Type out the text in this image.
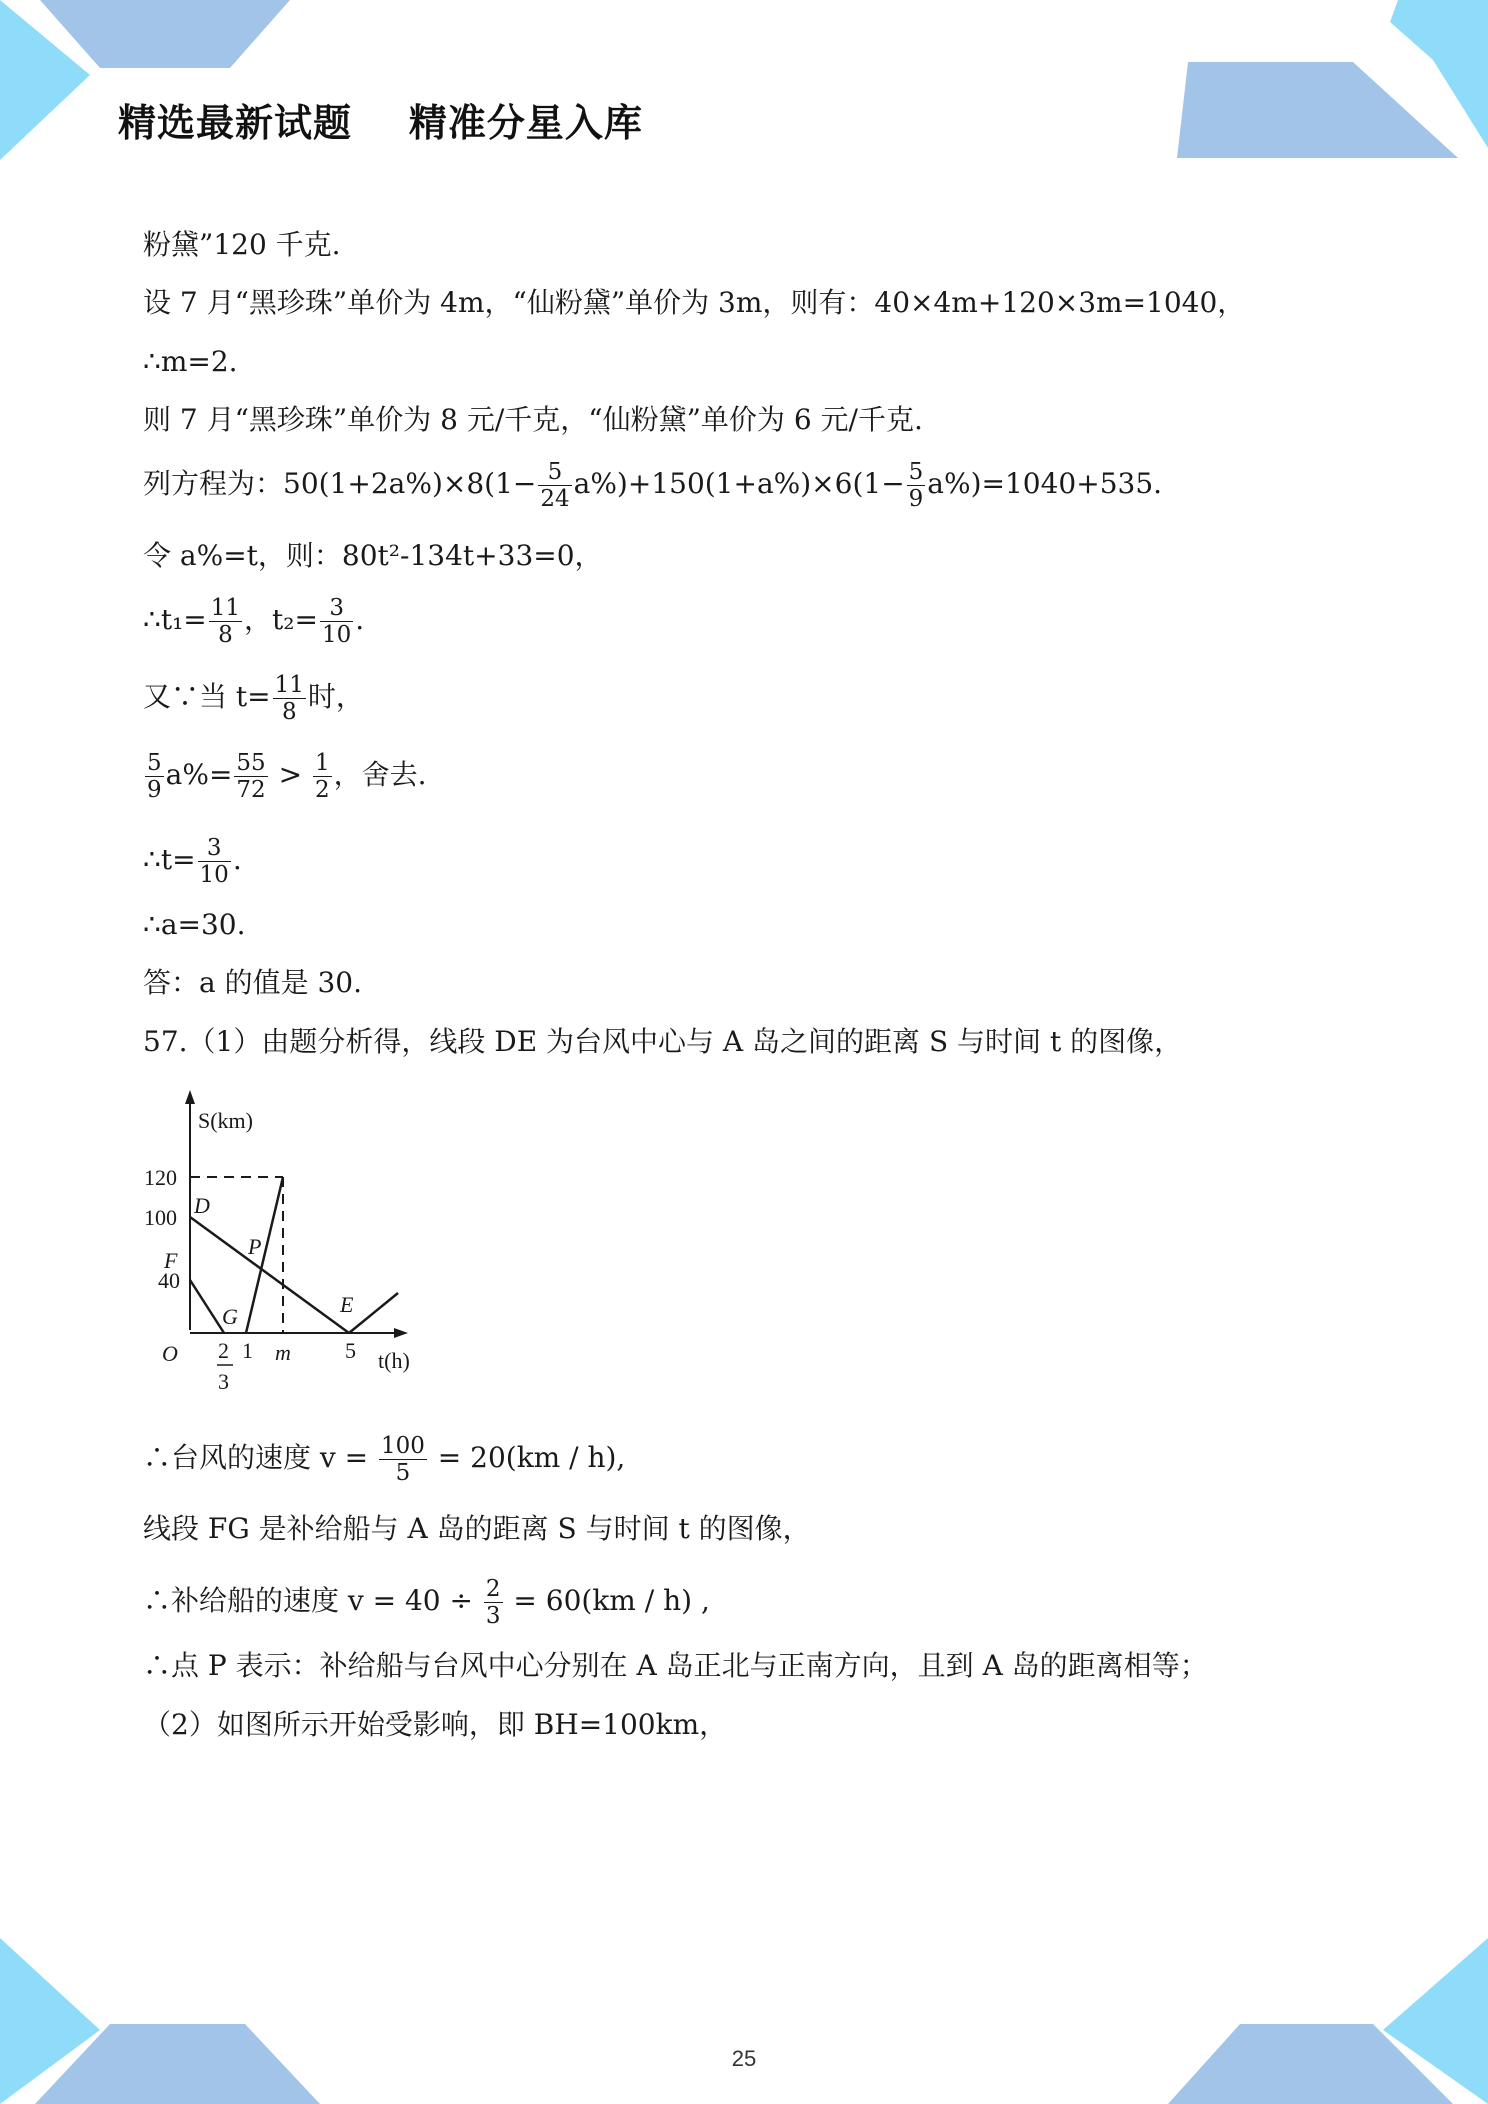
精选最新试题    精准分星入库
粉黛”120 千克.
设 7 月“黑珍珠”单价为 4m，“仙粉黛”单价为 3m，则有：40×4m+120×3m=1040，
∴m=2.
则 7 月“黑珍珠”单价为 8 元/千克，“仙粉黛”单价为 6 元/千克.
列方程为：$50(1+2a\%)\times 8(1- \frac{5}{24} a\%)+150(1+a\%)\times 6(1- \frac{5}{9} a\%)=1040+535$.
令 a%=t，则：80t²-134t+33=0，
∴t₁= $\frac{11}{8}$ ，$t_2= \frac{3}{10}$ .
又∵当 $t= \frac{11}{8}$ 时，
$\frac{5}{9} a\%= \frac{55}{72} > \frac{1}{2}$ ，舍去.
∴t= $\frac{3}{10}$ .
∴a=30.
答：a 的值是 30.
57.（1）由题分析得，线段 DE 为台风中心与 A 岛之间的距离 S 与时间 t 的图像，
S(km)
120
100
40
D
F
P
G	E
O 2
3
1 m 5 t(h)
∴台风的速度 $v = \frac{100}{5} = 20(km / h)$,
线段 FG 是补给船与 A 岛的距离 S 与时间 t 的图像，
∴补给船的速度 $v = 40 \div \frac{2}{3} = 60(km / h)$ ,
∴点 P 表示：补给船与台风中心分别在 A 岛正北与正南方向，且到 A 岛的距离相等；
（2）如图所示开始受影响，即 BH=100km，
25
